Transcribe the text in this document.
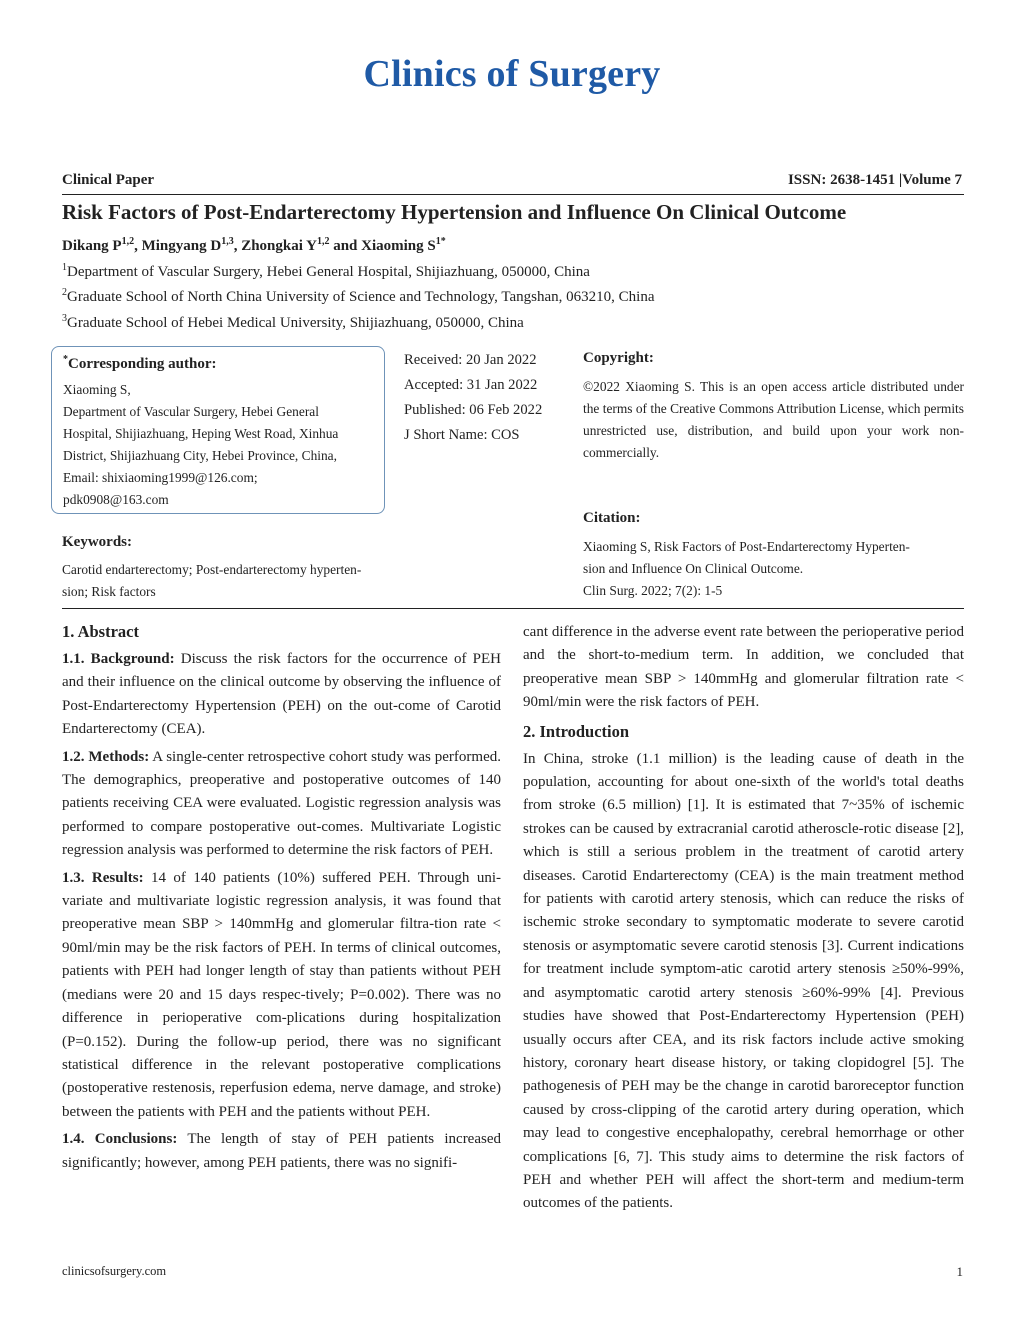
Clinics of Surgery
Clinical Paper	ISSN: 2638-1451 |Volume 7
Risk Factors of Post-Endarterectomy Hypertension and Influence On Clinical Outcome
Dikang P$^{1,2}$, Mingyang D$^{1,3}$, Zhongkai Y$^{1,2}$ and Xiaoming $S^{1*}$
$^1$Department of Vascular Surgery, Hebei General Hospital, Shijiazhuang, 050000, China
$^2$Graduate School of North China University of Science and Technology, Tangshan, 063210, China
$^3$Graduate School of Hebei Medical University, Shijiazhuang, 050000, China
*Corresponding author:
Xiaoming S,
Department of Vascular Surgery, Hebei General
Hospital, Shijiazhuang, Heping West Road, Xinhua
District, Shijiazhuang City, Hebei Province, China,
Email: shixiaoming1999@126.com;
pdk0908@163.com
Received: 20 Jan 2022
Accepted: 31 Jan 2022
Published: 06 Feb 2022
J Short Name: COS
Copyright:
©2022 Xiaoming S. This is an open access article distributed under the terms of the Creative Commons Attribution License, which permits unrestricted use, distribution, and build upon your work non-commercially.
Citation:
Xiaoming S, Risk Factors of Post-Endarterectomy Hyperten-
sion and Influence On Clinical Outcome.
Clin Surg. 2022; 7(2): 1-5
Keywords:
Carotid endarterectomy; Post-endarterectomy hyperten-
sion; Risk factors
1. Abstract

1.1. Background: Discuss the risk factors for the occurrence of PEH and their influence on the clinical outcome by observing the influence of Post-Endarterectomy Hypertension (PEH) on the out-come of Carotid Endarterectomy (CEA).

1.2. Methods: A single-center retrospective cohort study was performed. The demographics, preoperative and postoperative outcomes of 140 patients receiving CEA were evaluated. Logistic regression analysis was performed to compare postoperative out-comes. Multivariate Logistic regression analysis was performed to determine the risk factors of PEH.

1.3. Results: 14 of 140 patients (10%) suffered PEH. Through uni-variate and multivariate logistic regression analysis, it was found that preoperative mean SBP > 140mmHg and glomerular filtra-tion rate < 90ml/min may be the risk factors of PEH. In terms of clinical outcomes, patients with PEH had longer length of stay than patients without PEH (medians were 20 and 15 days respec-tively; P=0.002). There was no difference in perioperative com-plications during hospitalization (P=0.152). During the follow-up period, there was no significant statistical difference in the relevant postoperative complications (postoperative restenosis, reperfusion edema, nerve damage, and stroke) between the patients with PEH and the patients without PEH.

1.4. Conclusions: The length of stay of PEH patients increased significantly; however, among PEH patients, there was no signifi-

cant difference in the adverse event rate between the perioperative period and the short-to-medium term. In addition, we concluded that preoperative mean SBP > 140mmHg and glomerular filtration rate < 90ml/min were the risk factors of PEH.

2. Introduction

In China, stroke (1.1 million) is the leading cause of death in the population, accounting for about one-sixth of the world's total deaths from stroke (6.5 million) [1]. It is estimated that 7~35% of ischemic strokes can be caused by extracranial carotid atheroscle-rotic disease [2], which is still a serious problem in the treatment of carotid artery diseases. Carotid Endarterectomy (CEA) is the main treatment method for patients with carotid artery stenosis, which can reduce the risks of ischemic stroke secondary to symptomatic moderate to severe carotid stenosis or asymptomatic severe carotid stenosis [3]. Current indications for treatment include symptom-atic carotid artery stenosis ≥50%-99%, and asymptomatic carotid artery stenosis ≥60%-99% [4]. Previous studies have showed that Post-Endarterectomy Hypertension (PEH) usually occurs after CEA, and its risk factors include active smoking history, coronary heart disease history, or taking clopidogrel [5]. The pathogenesis of PEH may be the change in carotid baroreceptor function caused by cross-clipping of the carotid artery during operation, which may lead to congestive encephalopathy, cerebral hemorrhage or other complications [6, 7]. This study aims to determine the risk factors of PEH and whether PEH will affect the short-term and medium-term outcomes of the patients.

clinicsofsurgery.com	1
